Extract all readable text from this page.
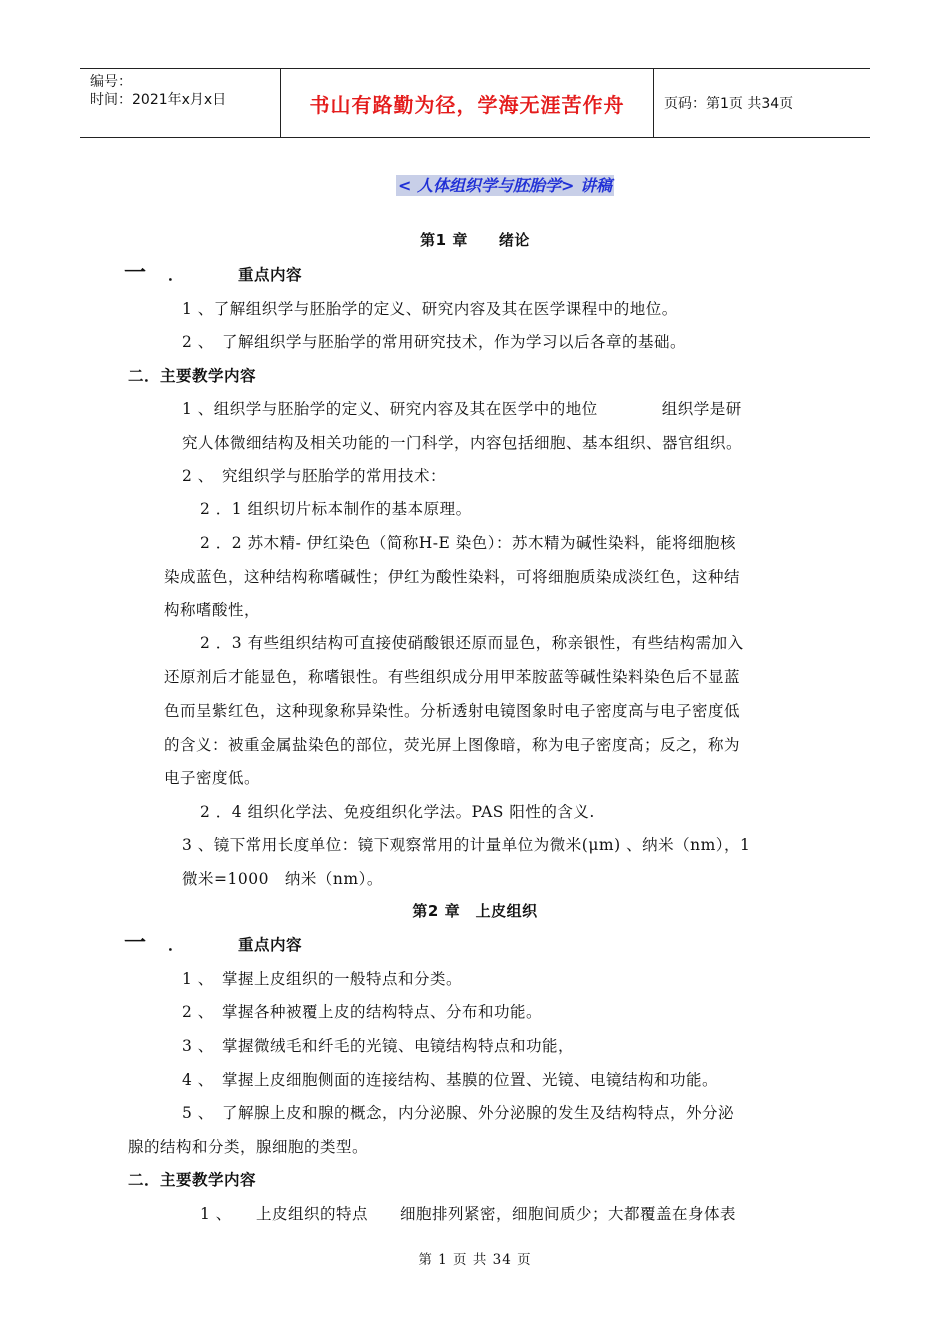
编号：
时间：2021年x月x日	书山有路勤为径，学海无涯苦作舟	页码：第1页 共34页
< 人体组织学与胚胎学> 讲稿
第1 章　　绪论
一 ．	重点内容
1 、了解组织学与胚胎学的定义、研究内容及其在医学课程中的地位。
2 、　了解组织学与胚胎学的常用研究技术，作为学习以后各章的基础。
二．主要教学内容
1 、组织学与胚胎学的定义、研究内容及其在医学中的地位　　　　组织学是研
究人体微细结构及相关功能的一门科学，内容包括细胞、基本组织、器官组织。
2 、　究组织学与胚胎学的常用技术：
2 ．1 组织切片标本制作的基本原理。
2 ．2 苏木精- 伊红染色（简称H-E 染色）：苏木精为碱性染料，能将细胞核
染成蓝色，这种结构称嗜碱性；伊红为酸性染料，可将细胞质染成淡红色，这种结
构称嗜酸性，
2 ．3 有些组织结构可直接使硝酸银还原而显色，称亲银性，有些结构需加入
还原剂后才能显色，称嗜银性。有些组织成分用甲苯胺蓝等碱性染料染色后不显蓝
色而呈紫红色，这种现象称异染性。分析透射电镜图象时电子密度高与电子密度低
的含义：被重金属盐染色的部位，荧光屏上图像暗，称为电子密度高；反之，称为
电子密度低。
2 ．4 组织化学法、免疫组织化学法。PAS 阳性的含义.
3 、镜下常用长度单位：镜下观察常用的计量单位为微米(μm) 、纳米（nm），1
微米=1000　纳米（nm）。
第2 章　上皮组织
一 ．	重点内容
1 、　掌握上皮组织的一般特点和分类。
2 、　掌握各种被覆上皮的结构特点、分布和功能。
3 、　掌握微绒毛和纤毛的光镜、电镜结构特点和功能，
4 、　掌握上皮细胞侧面的连接结构、基膜的位置、光镜、电镜结构和功能。
5 、　了解腺上皮和腺的概念，内分泌腺、外分泌腺的发生及结构特点，外分泌
腺的结构和分类，腺细胞的类型。
二．主要教学内容
1 、　　上皮组织的特点　　细胞排列紧密，细胞间质少；大都覆盖在身体表
第 1 页 共 34 页
